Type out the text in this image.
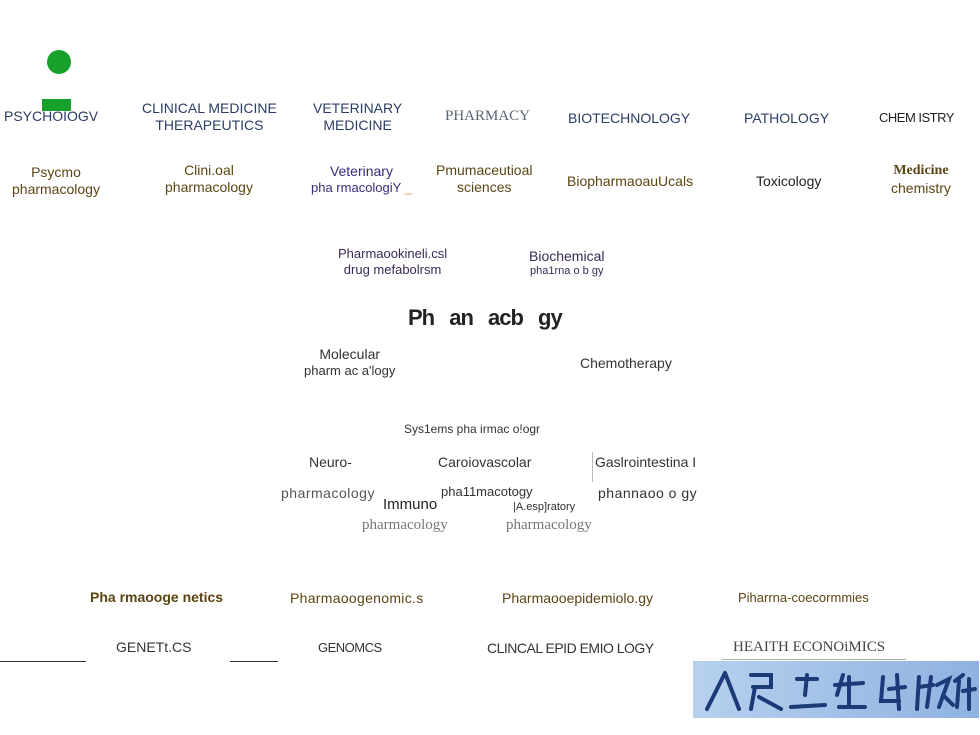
PSYCHOIOGV
Psycmo
pharmacology
CLINICAL MEDICINE
THERAPEUTICS
Clini.oal
pharmacology
VETERINARY
MEDICINE
Veterinary
pha rmacologiY _
PHARMACY
Pmumaceutioal
sciences
BIOTECHNOLOGY
BiopharmaoauUcals
PATHOLOGY
Toxicology
CHEM ISTRY
Medicine
chemistry
Pharmaookineli.csl
drug mefabolrsm
Biochemical
pha1rna o b gy
Ph an acb gy
Molecular
pharm ac a'logy	Chemotherapy
Sys1ems pha irmac o!ogr
Neuro-
pharmacology
Caroiovascolar
pha11macotogy
Gaslrointestina I
phannaoo o gy
Immuno
pharmacology
|A.esp]ratory
pharmacology
Pha rmaooge netics	Pharmaoogenomic.s	Pharmaooepidemiolo.gy	Piharrna-coecormmies
GENETt.CS	GENOMCS	CLINCAL EPID EMIO LOGY	HEAITH ECONOiMICS
